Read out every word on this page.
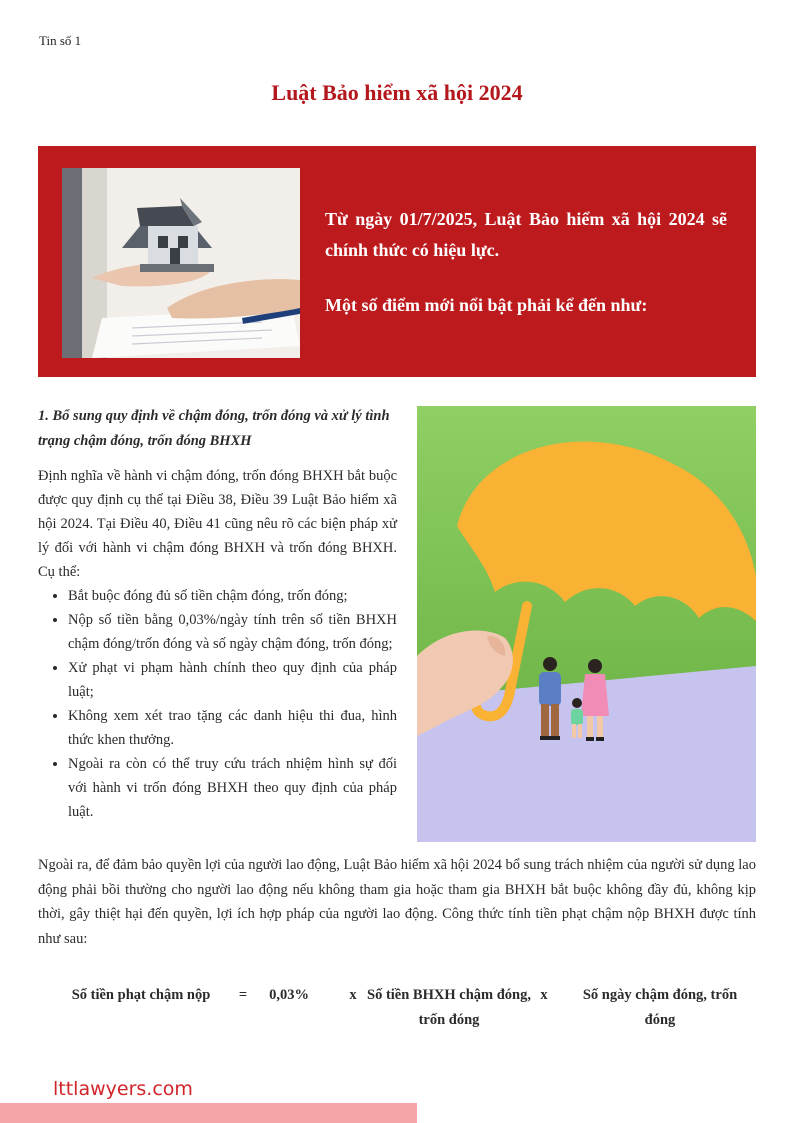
Tin số 1
Luật Bảo hiểm xã hội 2024

Từ ngày 01/7/2025, Luật Bảo hiểm xã hội 2024 sẽ chính thức có hiệu lực.

Một số điểm mới nổi bật phải kể đến như:

1. Bổ sung quy định về chậm đóng, trốn đóng và xử lý tình trạng chậm đóng, trốn đóng BHXH

Định nghĩa về hành vi chậm đóng, trốn đóng BHXH bắt buộc được quy định cụ thể tại Điều 38, Điều 39 Luật Bảo hiểm xã hội 2024. Tại Điều 40, Điều 41 cũng nêu rõ các biện pháp xử lý đối với hành vi chậm đóng BHXH và trốn đóng BHXH. Cụ thể:

• Bắt buộc đóng đủ số tiền chậm đóng, trốn đóng;
• Nộp số tiền bằng 0,03%/ngày tính trên số tiền BHXH chậm đóng/trốn đóng và số ngày chậm đóng, trốn đóng;
• Xử phạt vi phạm hành chính theo quy định của pháp luật;
• Không xem xét trao tặng các danh hiệu thi đua, hình thức khen thưởng.
• Ngoài ra còn có thể truy cứu trách nhiệm hình sự đối với hành vi trốn đóng BHXH theo quy định của pháp luật.

Ngoài ra, để đảm bảo quyền lợi của người lao động, Luật Bảo hiểm xã hội 2024 bổ sung trách nhiệm của người sử dụng lao động phải bồi thường cho người lao động nếu không tham gia hoặc tham gia BHXH bắt buộc không đầy đủ, không kịp thời, gây thiệt hại đến quyền, lợi ích hợp pháp của người lao động. Công thức tính tiền phạt chậm nộp BHXH được tính như sau:

Số tiền phạt chậm nộp	=	0,03%	x Số tiền BHXH chậm đóng, trốn đóng
x	Số ngày chậm đóng, trốn đóng
lttlawyers.com
